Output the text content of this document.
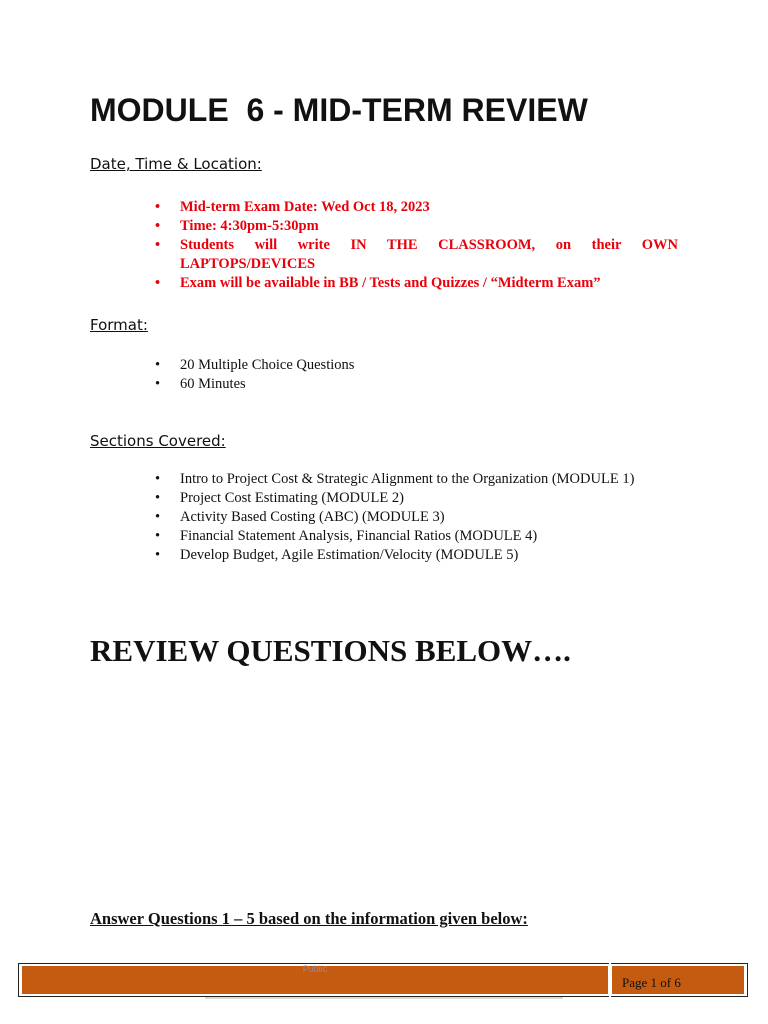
MODULE  6 - MID-TERM REVIEW
Date, Time & Location:
• Mid-term Exam Date: Wed Oct 18, 2023
• Time: 4:30pm-5:30pm
• Students will write IN THE CLASSROOM, on their OWN LAPTOPS/DEVICES
• Exam will be available in BB / Tests and Quizzes / “Midterm Exam”
Format:
• 20 Multiple Choice Questions
• 60 Minutes
Sections Covered:
• Intro to Project Cost & Strategic Alignment to the Organization (MODULE 1)
• Project Cost Estimating (MODULE 2)
• Activity Based Costing (ABC) (MODULE 3)
• Financial Statement Analysis, Financial Ratios (MODULE 4)
• Develop Budget, Agile Estimation/Velocity (MODULE 5)
REVIEW QUESTIONS BELOW….
Answer Questions 1 – 5 based on the information given below:
Public
Page 1 of 6
